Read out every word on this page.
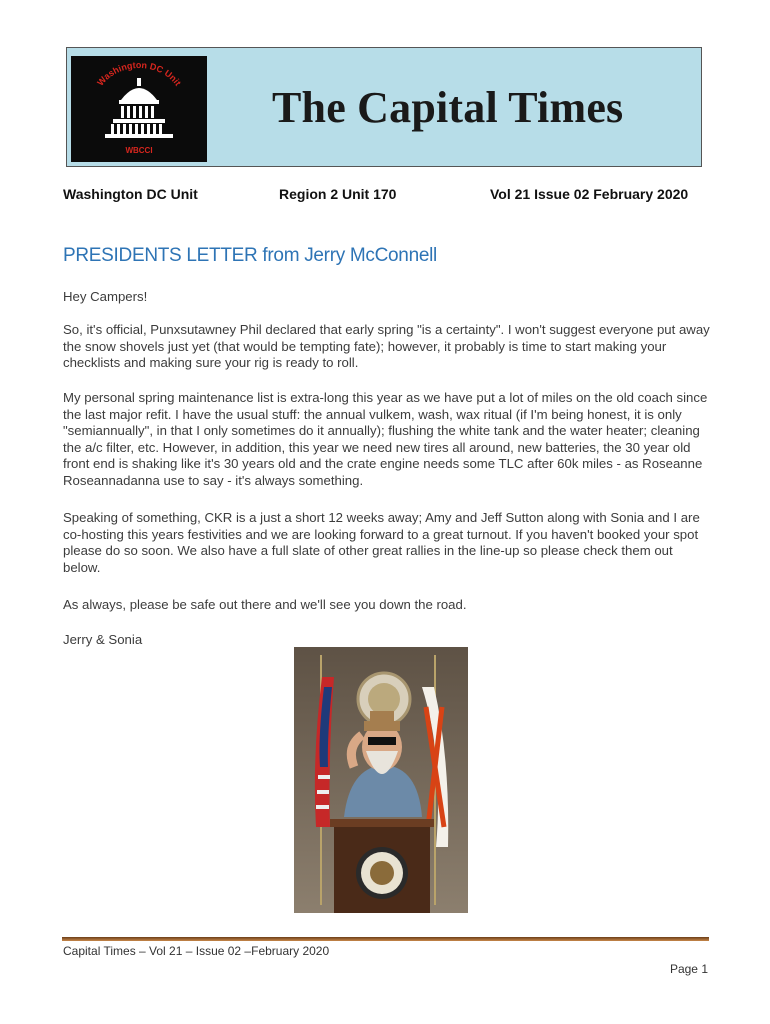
Washington DC Unit
WBCCI
The Capital Times
Washington DC Unit	Region 2 Unit 170	Vol 21 Issue 02 February 2020
PRESIDENTS LETTER from Jerry McConnell

Hey Campers!

So, it's official, Punxsutawney Phil declared that early spring "is a certainty". I won't suggest everyone put away the snow shovels just yet (that would be tempting fate); however, it probably is time to start making your checklists and making sure your rig is ready to roll.

My personal spring maintenance list is extra-long this year as we have put a lot of miles on the old coach since the last major refit. I have the usual stuff: the annual vulkem, wash, wax ritual (if I'm being honest, it is only "semiannually", in that I only sometimes do it annually); flushing the white tank and the water heater; cleaning the a/c filter, etc. However, in addition, this year we need new tires all around, new batteries, the 30 year old front end is shaking like it's 30 years old and the crate engine needs some TLC after 60k miles - as Roseanne Roseannadanna use to say - it's always something.

Speaking of something, CKR is a just a short 12 weeks away; Amy and Jeff Sutton along with Sonia and I are co-hosting this years festivities and we are looking forward to a great turnout. If you haven't booked your spot please do so soon. We also have a full slate of other great rallies in the line-up so please check them out below.

As always, please be safe out there and we'll see you down the road.

Jerry & Sonia

Capital Times – Vol 21 – Issue 02 –February 2020
Page 1
